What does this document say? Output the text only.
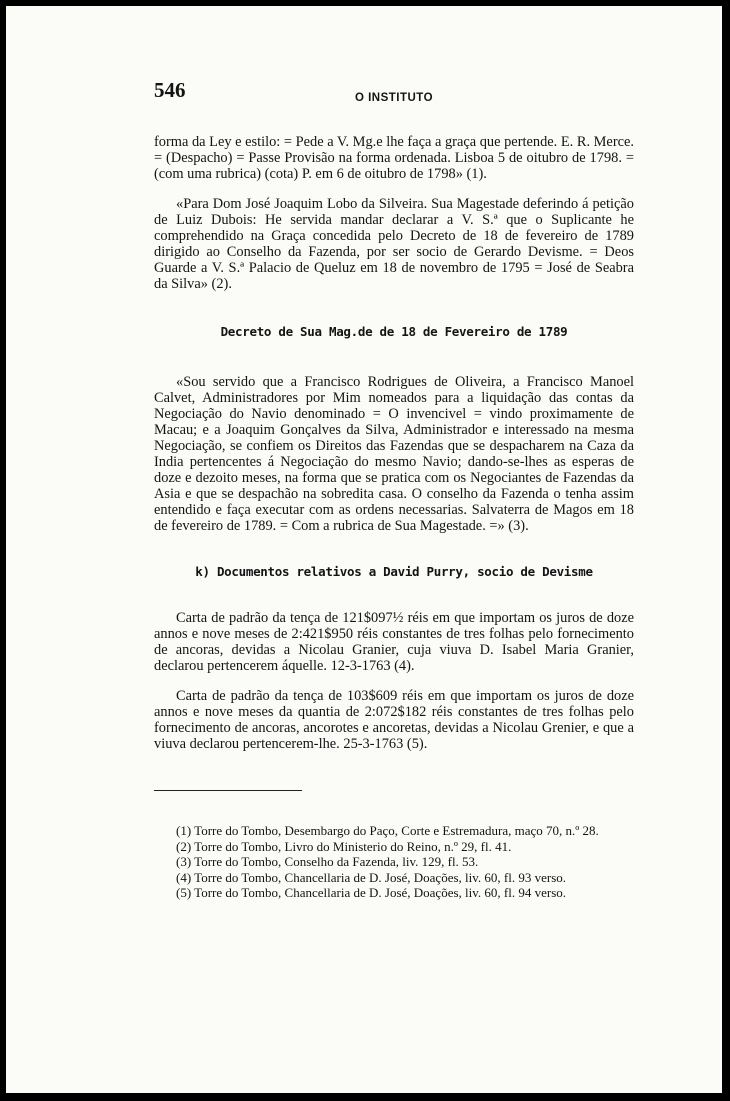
546	O INSTITUTO

forma da Ley e estilo: = Pede a V. Mg.e lhe faça a graça que pertende. E. R. Merce. = (Despacho) = Passe Provisão na forma ordenada. Lisboa 5 de oitubro de 1798. = (com uma rubrica) (cota) P. em 6 de oitubro de 1798» (1).

«Para Dom José Joaquim Lobo da Silveira. Sua Magestade deferindo á petição de Luiz Dubois: He servida mandar declarar a V. S.ª que o Suplicante he comprehendido na Graça concedida pelo Decreto de 18 de fevereiro de 1789 dirigido ao Conselho da Fazenda, por ser socio de Gerardo Devisme. = Deos Guarde a V. S.ª Palacio de Queluz em 18 de novembro de 1795 = José de Seabra da Silva» (2).

Decreto de Sua Mag.de de 18 de Fevereiro de 1789

«Sou servido que a Francisco Rodrigues de Oliveira, a Francisco Manoel Calvet, Administradores por Mim nomeados para a liquidação das contas da Negociação do Navio denominado = O invencivel = vindo proximamente de Macau; e a Joaquim Gonçalves da Silva, Administrador e interessado na mesma Negociação, se confiem os Direitos das Fazendas que se despacharem na Caza da India pertencentes á Negociação do mesmo Navio; dando-se-lhes as esperas de doze e dezoito meses, na forma que se pratica com os Negociantes de Fazendas da Asia e que se despachão na sobredita casa. O conselho da Fazenda o tenha assim entendido e faça executar com as ordens necessarias. Salvaterra de Magos em 18 de fevereiro de 1789. = Com a rubrica de Sua Magestade. =» (3).

k) Documentos relativos a David Purry, socio de Devisme

Carta de padrão da tença de 121$097½ réis em que importam os juros de doze annos e nove meses de 2:421$950 réis constantes de tres folhas pelo fornecimento de ancoras, devidas a Nicolau Granier, cuja viuva D. Isabel Maria Granier, declarou pertencerem áquelle. 12-3-1763 (4).

Carta de padrão da tença de 103$609 réis em que importam os juros de doze annos e nove meses da quantia de 2:072$182 réis constantes de tres folhas pelo fornecimento de ancoras, ancorotes e ancoretas, devidas a Nicolau Grenier, e que a viuva declarou pertencerem-lhe. 25-3-1763 (5).

(1) Torre do Tombo, Desembargo do Paço, Corte e Estremadura, maço 70, n.º 28.

(2) Torre do Tombo, Livro do Ministerio do Reino, n.º 29, fl. 41.

(3) Torre do Tombo, Conselho da Fazenda, liv. 129, fl. 53.

(4) Torre do Tombo, Chancellaria de D. José, Doações, liv. 60, fl. 93 verso.

(5) Torre do Tombo, Chancellaria de D. José, Doações, liv. 60, fl. 94 verso.
